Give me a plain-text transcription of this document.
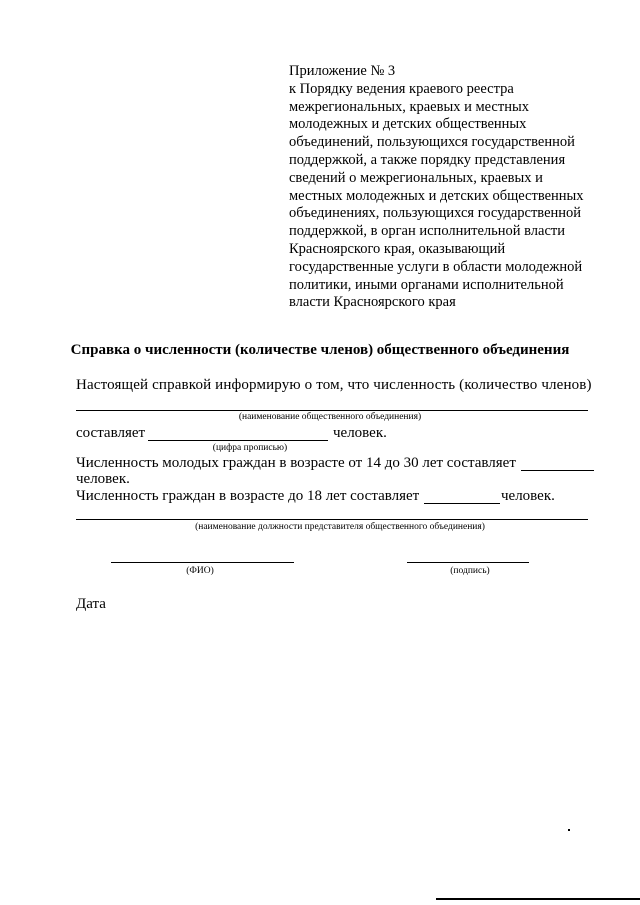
Приложение № 3
к Порядку ведения краевого реестра
межрегиональных, краевых и местных
молодежных и детских общественных
объединений, пользующихся государственной
поддержкой, а также порядку представления
сведений о межрегиональных, краевых и
местных молодежных и детских общественных
объединениях, пользующихся государственной
поддержкой, в орган исполнительной власти
Красноярского края, оказывающий
государственные услуги в области молодежной
политики, иными органами исполнительной
власти Красноярского края
Справка о численности (количестве членов) общественного объединения
Настоящей справкой информирую о том, что численность (количество членов)
(наименование общественного объединения)
составляет	человек.
(цифра прописью)
Численность молодых граждан в возрасте от 14 до 30 лет составляет
человек.
Численность граждан в возрасте до 18 лет составляет	человек.
(наименование должности представителя общественного объединения)
(ФИО)	(подпись)
Дата
